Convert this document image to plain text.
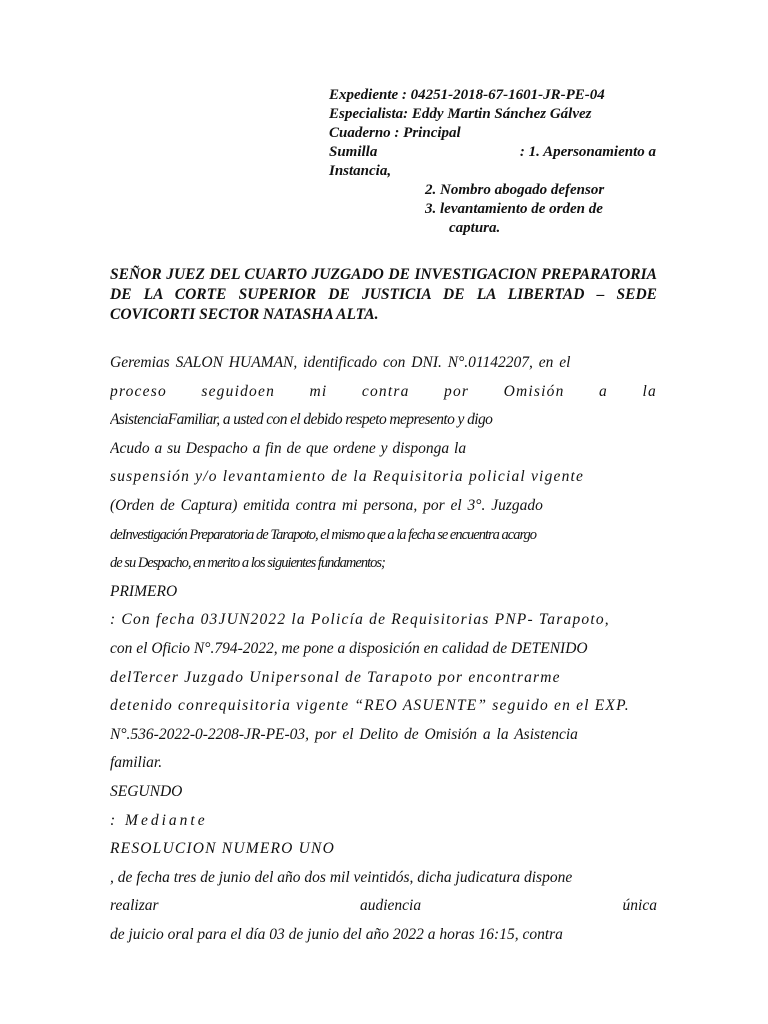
Expediente : 04251-2018-67-1601-JR-PE-04
Especialista: Eddy Martin Sánchez Gálvez
Cuaderno : Principal
Sumilla	: 1. Apersonamiento a
Instancia,
2. Nombro abogado defensor
3. levantamiento de orden de
captura.
SEÑOR JUEZ DEL CUARTO JUZGADO DE INVESTIGACION PREPARATORIA DE LA CORTE SUPERIOR DE JUSTICIA DE LA LIBERTAD – SEDE COVICORTI SECTOR NATASHA ALTA.
Geremias SALON HUAMAN, identificado con DNI. N°.01142207, en el
proceso seguidoen mi contra por Omisión a la
AsistenciaFamiliar, a usted con el debido respeto mepresento y digo
Acudo a su Despacho a fin de que ordene y disponga la
suspensión y/o levantamiento de la Requisitoria policial vigente
(Orden de Captura) emitida contra mi persona, por el 3°. Juzgado
deInvestigación Preparatoria de Tarapoto, el mismo que a la fecha se encuentra acargo
de su Despacho, en merito a los siguientes fundamentos;
PRIMERO
: Con fecha 03JUN2022 la Policía de Requisitorias PNP- Tarapoto,
con el Oficio N°.794-2022, me pone a disposición en calidad de DETENIDO
delTercer Juzgado Unipersonal de Tarapoto por encontrarme
detenido conrequisitoria vigente “REO ASUENTE” seguido en el EXP.
N°.536-2022-0-2208-JR-PE-03, por el Delito de Omisión a la Asistencia
familiar.
SEGUNDO
: Mediante
RESOLUCION NUMERO UNO
, de fecha tres de junio del año dos mil veintidós, dicha judicatura dispone
realizar	audiencia	única
de juicio oral para el día 03 de junio del año 2022 a horas 16:15, contra
